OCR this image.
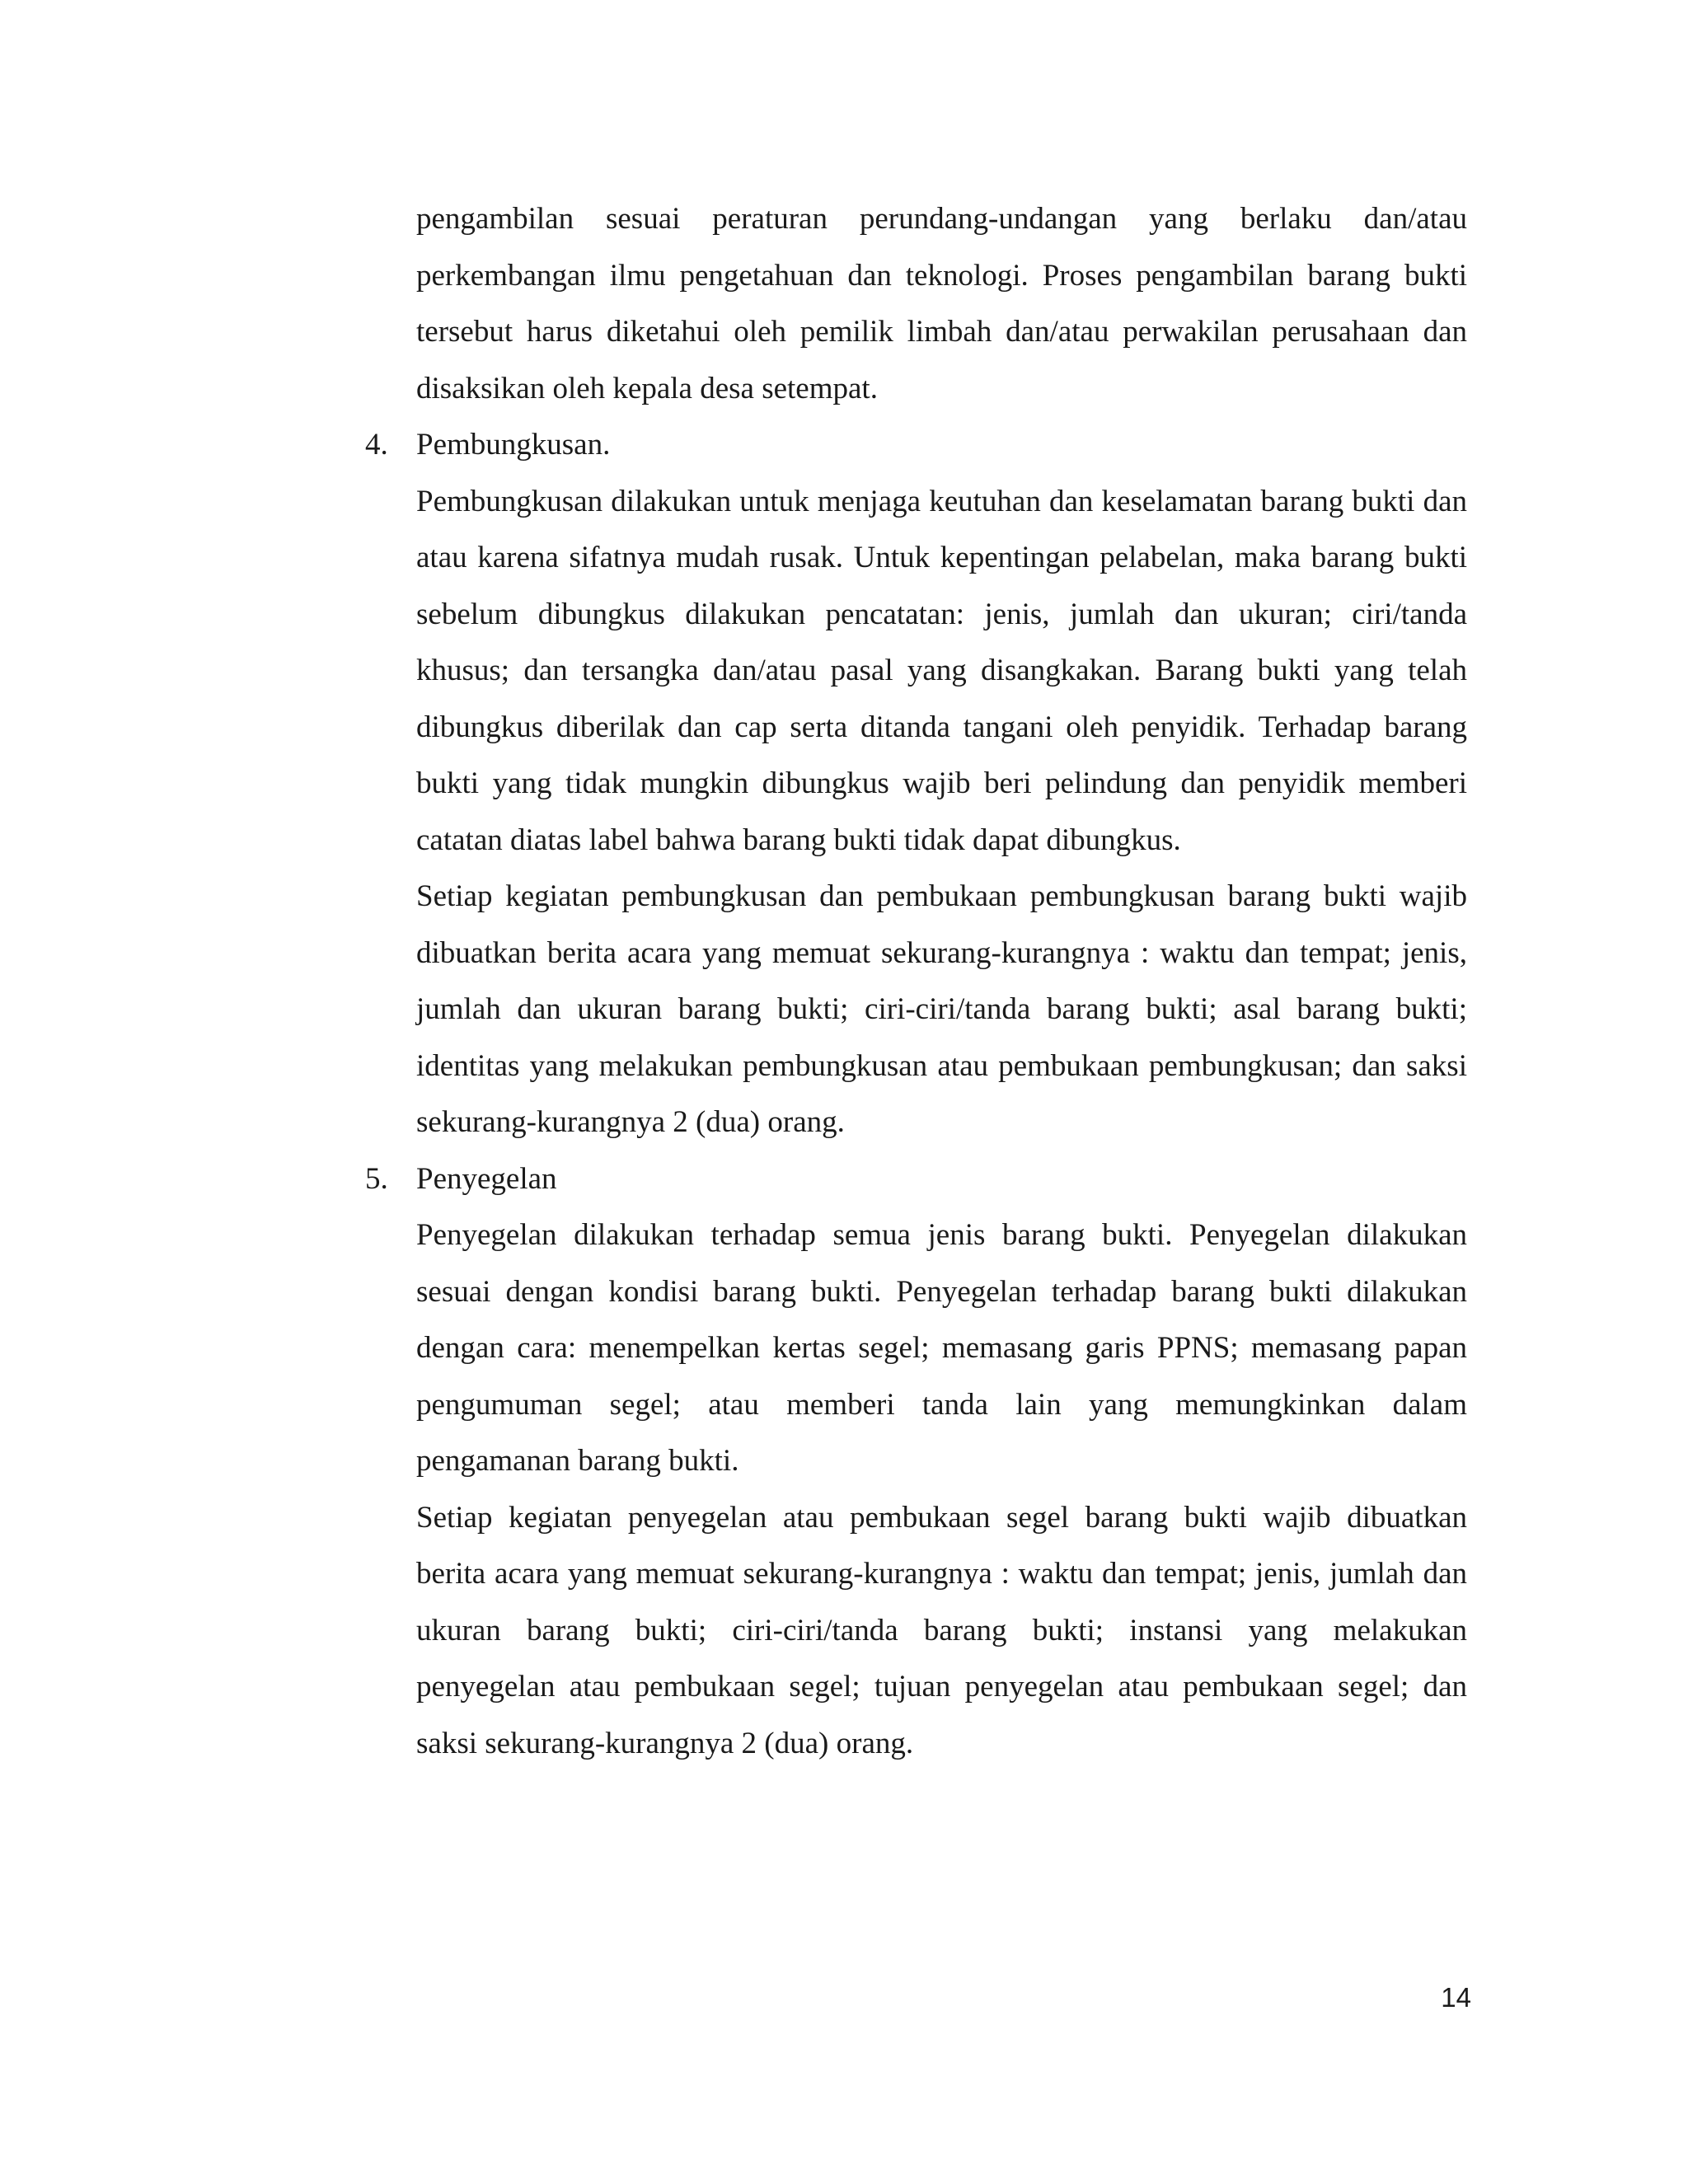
pengambilan sesuai peraturan perundang-undangan yang berlaku dan/atau perkembangan ilmu pengetahuan dan teknologi. Proses pengambilan barang bukti tersebut harus diketahui oleh pemilik limbah dan/atau perwakilan perusahaan dan disaksikan oleh kepala desa setempat.

4. Pembungkusan.

Pembungkusan dilakukan untuk menjaga keutuhan dan keselamatan barang bukti dan atau karena sifatnya mudah rusak. Untuk kepentingan pelabelan, maka barang bukti sebelum dibungkus dilakukan pencatatan: jenis, jumlah dan ukuran; ciri/tanda khusus; dan tersangka dan/atau pasal yang disangkakan. Barang bukti yang telah dibungkus diberilak dan cap serta ditanda tangani oleh penyidik. Terhadap barang bukti yang tidak mungkin dibungkus wajib beri pelindung dan penyidik memberi catatan diatas label bahwa barang bukti tidak dapat dibungkus.

Setiap kegiatan pembungkusan dan pembukaan pembungkusan barang bukti wajib dibuatkan berita acara yang memuat sekurang-kurangnya : waktu dan tempat; jenis, jumlah dan ukuran barang bukti; ciri-ciri/tanda barang bukti; asal barang bukti; identitas yang melakukan pembungkusan atau pembukaan pembungkusan; dan saksi sekurang-kurangnya 2 (dua) orang.

5. Penyegelan

Penyegelan dilakukan terhadap semua jenis barang bukti. Penyegelan dilakukan sesuai dengan kondisi barang bukti. Penyegelan terhadap barang bukti dilakukan dengan cara: menempelkan kertas segel; memasang garis PPNS; memasang papan pengumuman segel; atau memberi tanda lain yang memungkinkan dalam pengamanan barang bukti.

Setiap kegiatan penyegelan atau pembukaan segel barang bukti wajib dibuatkan berita acara yang memuat sekurang-kurangnya : waktu dan tempat; jenis, jumlah dan ukuran barang bukti; ciri-ciri/tanda barang bukti; instansi yang melakukan penyegelan atau pembukaan segel; tujuan penyegelan atau pembukaan segel; dan saksi sekurang-kurangnya 2 (dua) orang.

14
